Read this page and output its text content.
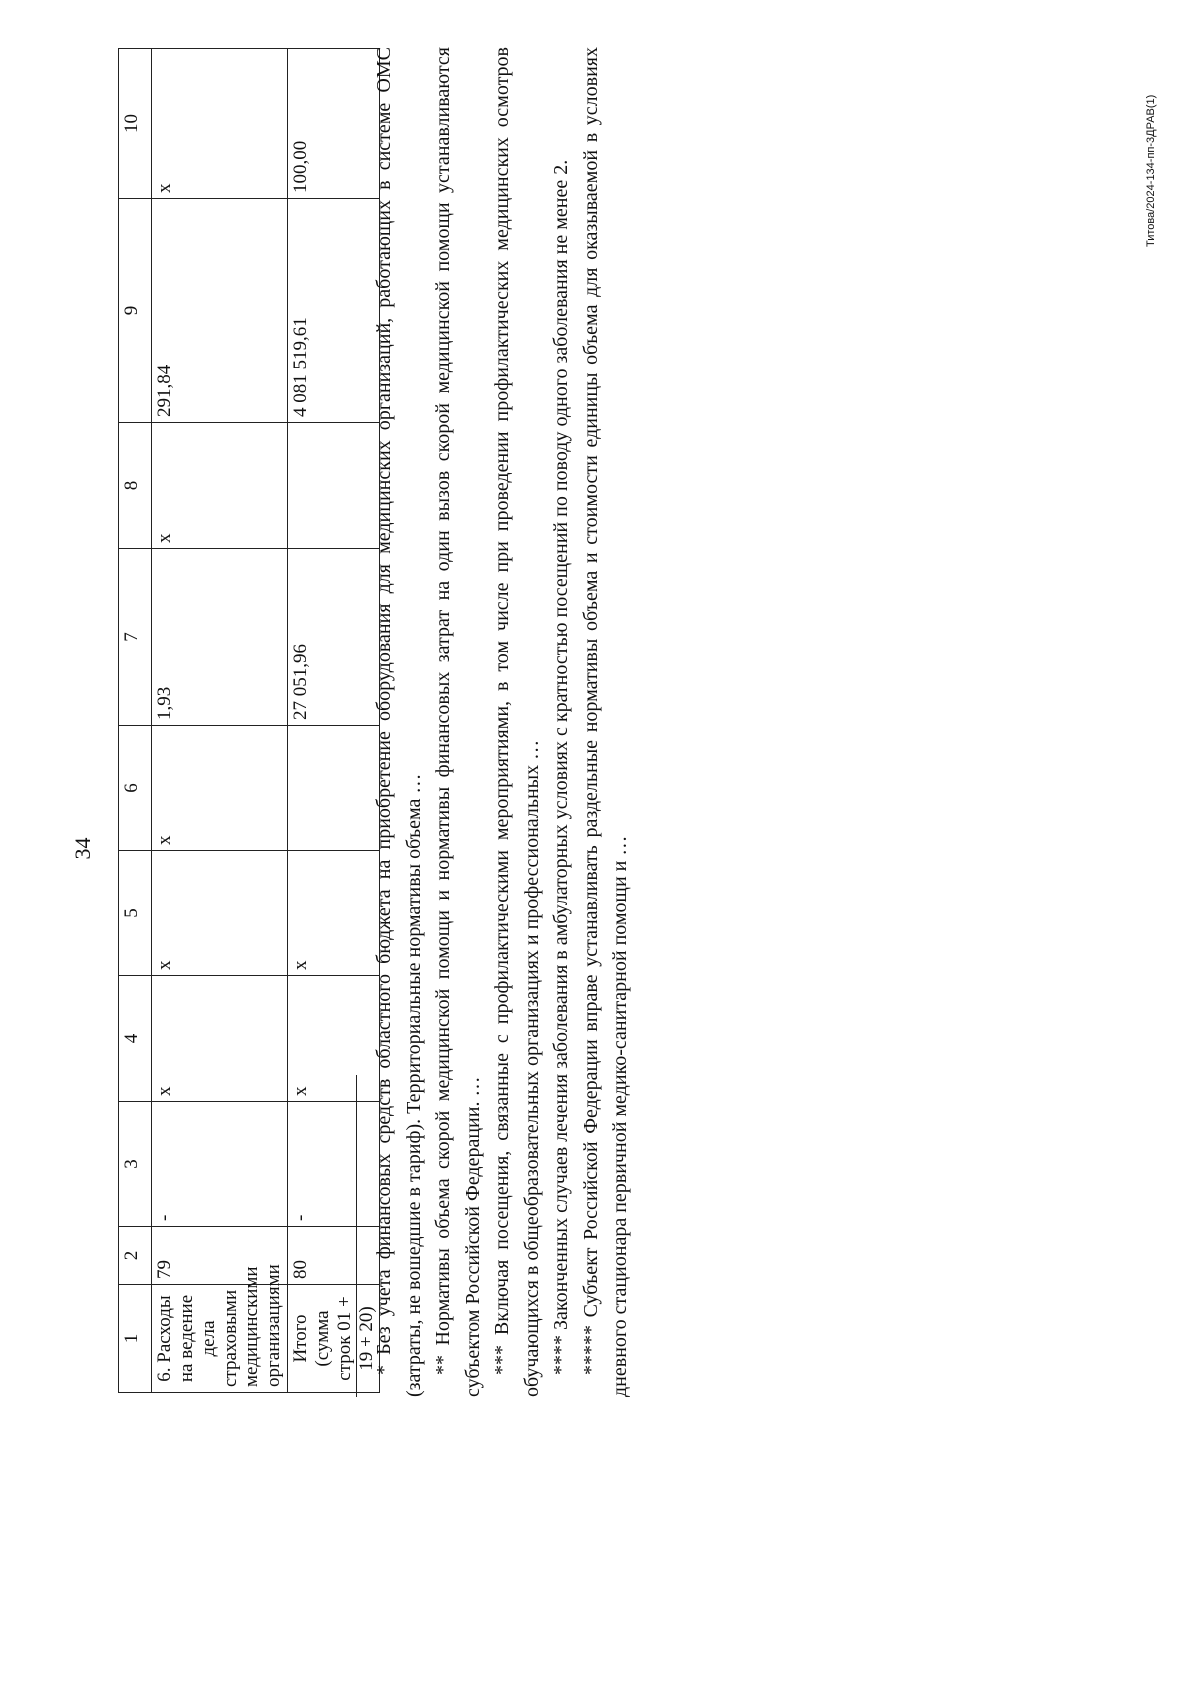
34
1	2	3	4	5	6	7	8	9	10
6. Расходы на ведение дела страховыми медицинскими организациями	79	-	х	х	х	1,93	х	291,84	х
Итого (сумма строк 01 + 19 + 20)	80	-	х	х		27 051,96		4 081 519,61	100,00	* Без учета финансовых средств областного бюджета на приобретение оборудования для медицинских организаций, работающих в системе ОМС (затраты, не вошедшие в тариф). Территориальные нормативы объема … ** Нормативы объема скорой медицинской помощи и нормативы финансовых затрат на один вызов скорой медицинской помощи устанавливаются субъектом Российской Федерации. … *** Включая посещения, связанные с профилактическими мероприятиями, в том числе при проведении профилактических медицинских осмотров обучающихся в общеобразовательных организациях и профессиональных … **** Законченных случаев лечения заболевания в амбулаторных условиях с кратностью посещений по поводу одного заболевания не менее 2. ***** Субъект Российской Федерации вправе устанавливать раздельные нормативы объема и стоимости единицы объема для оказываемой в условиях дневного стационара первичной медико-санитарной помощи и …

Титова/2024-134-пп-3ДРАВ(1)
